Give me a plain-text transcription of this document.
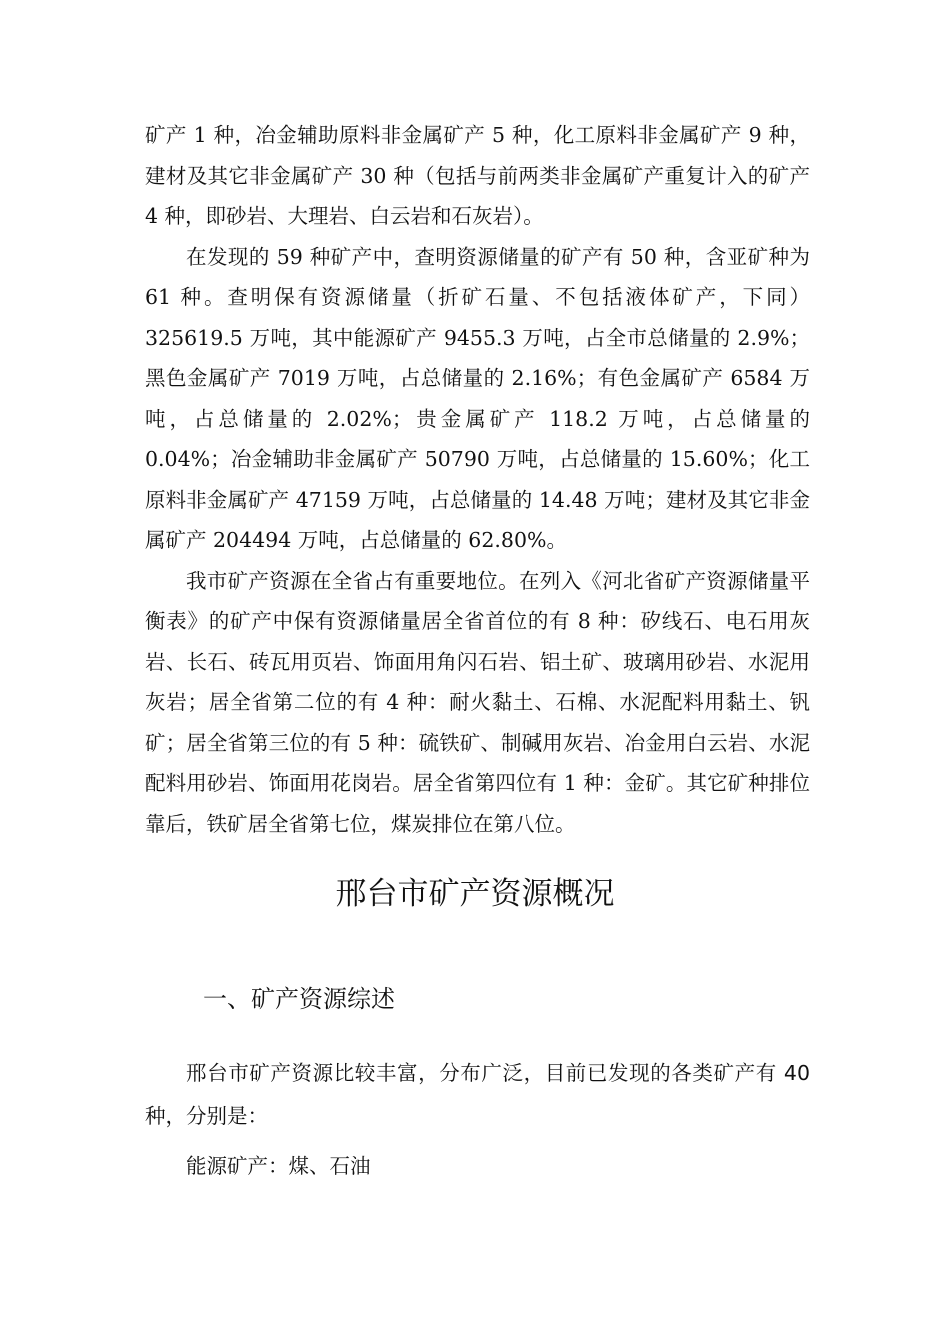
矿产 1 种，冶金辅助原料非金属矿产 5 种，化工原料非金属矿产 9 种，建材及其它非金属矿产 30 种（包括与前两类非金属矿产重复计入的矿产 4 种，即砂岩、大理岩、白云岩和石灰岩）。

在发现的 59 种矿产中，查明资源储量的矿产有 50 种，含亚矿种为 61 种。查明保有资源储量（折矿石量、不包括液体矿产，下同）325619.5 万吨，其中能源矿产 9455.3 万吨，占全市总储量的 2.9%；黑色金属矿产 7019 万吨，占总储量的 2.16%；有色金属矿产 6584 万吨，占总储量的 2.02%；贵金属矿产 118.2 万吨，占总储量的 0.04%；冶金辅助非金属矿产 50790 万吨，占总储量的 15.60%；化工原料非金属矿产 47159 万吨，占总储量的 14.48 万吨；建材及其它非金属矿产 204494 万吨，占总储量的 62.80%。

我市矿产资源在全省占有重要地位。在列入《河北省矿产资源储量平衡表》的矿产中保有资源储量居全省首位的有 8 种：矽线石、电石用灰岩、长石、砖瓦用页岩、饰面用角闪石岩、铝土矿、玻璃用砂岩、水泥用灰岩；居全省第二位的有 4 种：耐火黏土、石棉、水泥配料用黏土、钒矿；居全省第三位的有 5 种：硫铁矿、制碱用灰岩、冶金用白云岩、水泥配料用砂岩、饰面用花岗岩。居全省第四位有 1 种：金矿。其它矿种排位靠后，铁矿居全省第七位，煤炭排位在第八位。

邢台市矿产资源概况
一、矿产资源综述

邢台市矿产资源比较丰富，分布广泛，目前已发现的各类矿产有 40 种，分别是：

能源矿产：煤、石油
